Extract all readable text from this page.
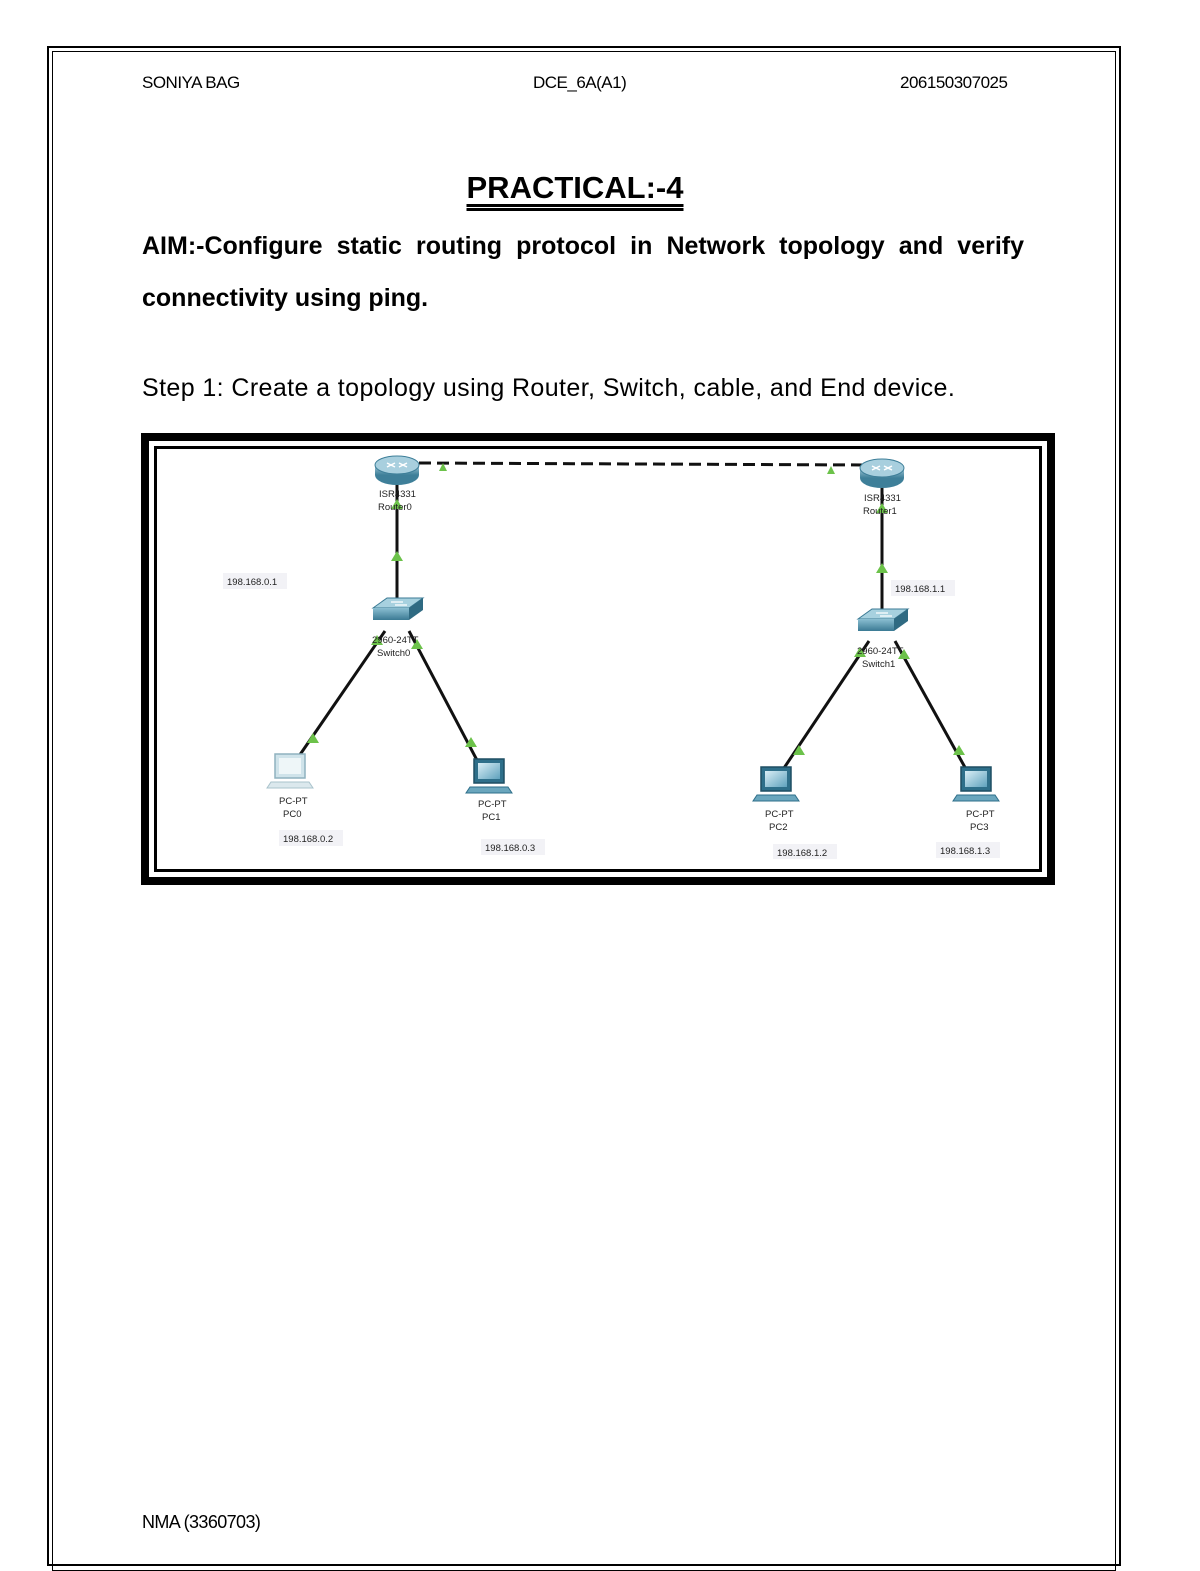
SONIYA BAG	DCE_6A(A1)	206150307025
PRACTICAL:-4
AIM:-Configure static routing protocol in Network topology and verify connectivity using ping.
Step 1: Create a topology using Router, Switch, cable, and End device.
ISR4331
Router0
ISR4331
Router1
198.168.0.1
198.168.1.1
2960-24TT
Switch0	2960-24TT
Switch1
PC-PT
PC0
198.168.0.2
PC-PT
PC1
198.168.0.3
PC-PT
PC2
198.168.1.2
PC-PT
PC3
198.168.1.3
NMA (3360703)
